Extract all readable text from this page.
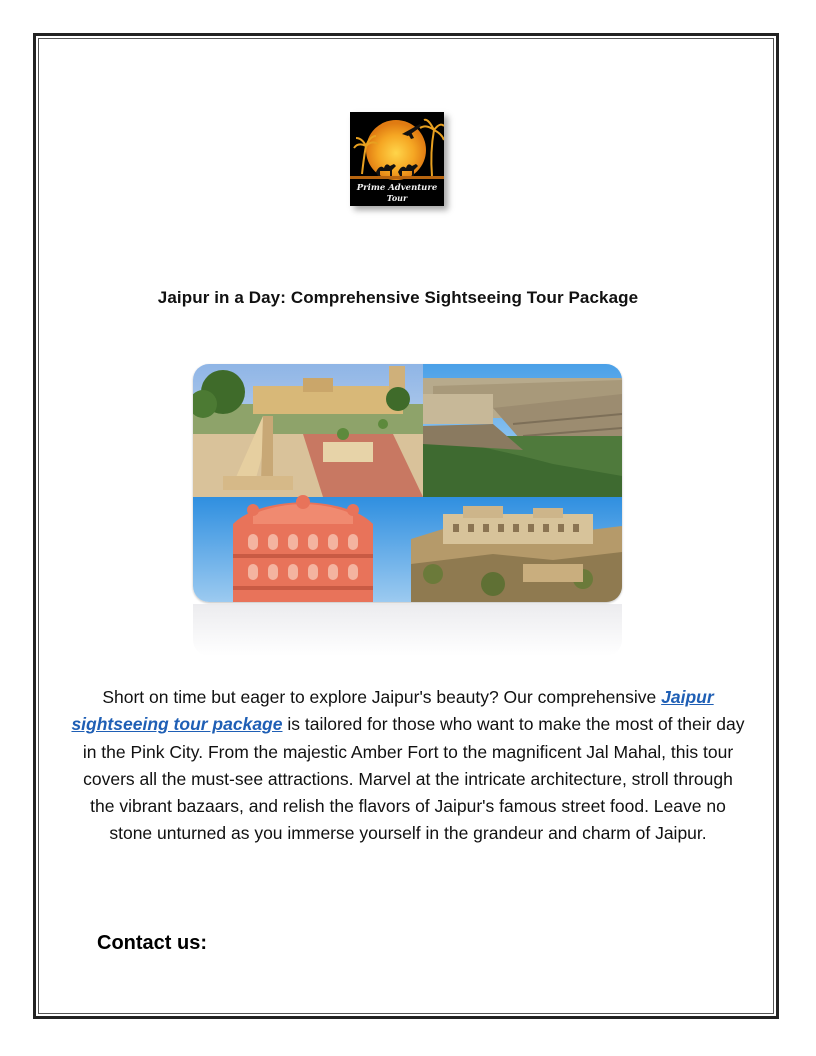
Prime Adventure
Tour
Jaipur in a Day: Comprehensive Sightseeing Tour Package
Short on time but eager to explore Jaipur's beauty? Our comprehensive Jaipur sightseeing tour package is tailored for those who want to make the most of their day in the Pink City. From the majestic Amber Fort to the magnificent Jal Mahal, this tour covers all the must-see attractions. Marvel at the intricate architecture, stroll through the vibrant bazaars, and relish the flavors of Jaipur's famous street food. Leave no stone unturned as you immerse yourself in the grandeur and charm of Jaipur.
Contact us:
